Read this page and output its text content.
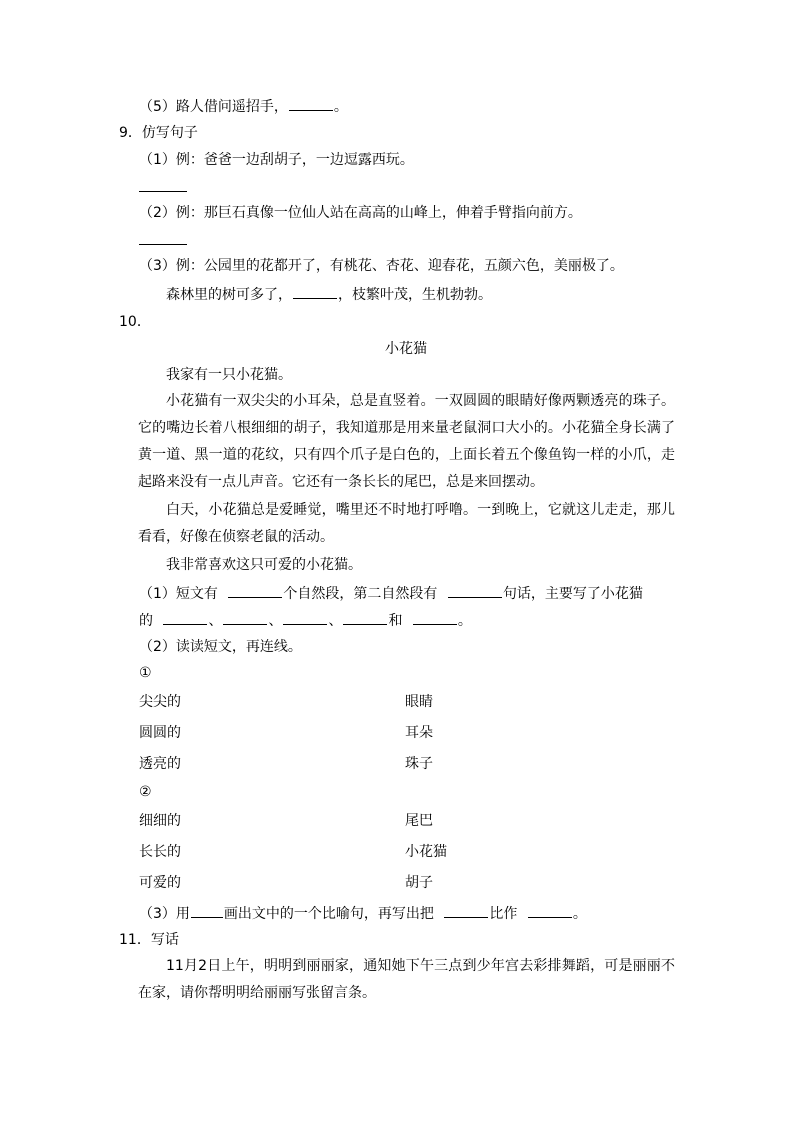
（5）路人借问遥招手，	。
9．仿写句子
（1）例：爸爸一边刮胡子，一边逗露西玩。
（2）例：那巨石真像一位仙人站在高高的山峰上，伸着手臂指向前方。
（3）例：公园里的花都开了，有桃花、杏花、迎春花，五颜六色，美丽极了。
森林里的树可多了，	，枝繁叶茂，生机勃勃。
10．
小花猫
我家有一只小花猫。
小花猫有一双尖尖的小耳朵，总是直竖着。一双圆圆的眼睛好像两颗透亮的珠子。它的嘴边长着八根细细的胡子，我知道那是用来量老鼠洞口大小的。小花猫全身长满了黄一道、黑一道的花纹，只有四个爪子是白色的，上面长着五个像鱼钩一样的小爪，走起路来没有一点儿声音。它还有一条长长的尾巴，总是来回摆动。
白天，小花猫总是爱睡觉，嘴里还不时地打呼噜。一到晚上，它就这儿走走，那儿看看，好像在侦察老鼠的活动。
我非常喜欢这只可爱的小花猫。
（1）短文有	个自然段，第二自然段有	句话，主要写了小花猫
的	、	、	、	和	。
（2）读读短文，再连线。
①
尖尖的	眼睛
圆圆的	耳朵
透亮的	珠子
②
细细的	尾巴
长长的	小花猫
可爱的	胡子
（3）用 画出文中的一个比喻句，再写出把	比作	。
11．写话
11月2日上午，明明到丽丽家，通知她下午三点到少年宫去彩排舞蹈，可是丽丽不在家，请你帮明明给丽丽写张留言条。
